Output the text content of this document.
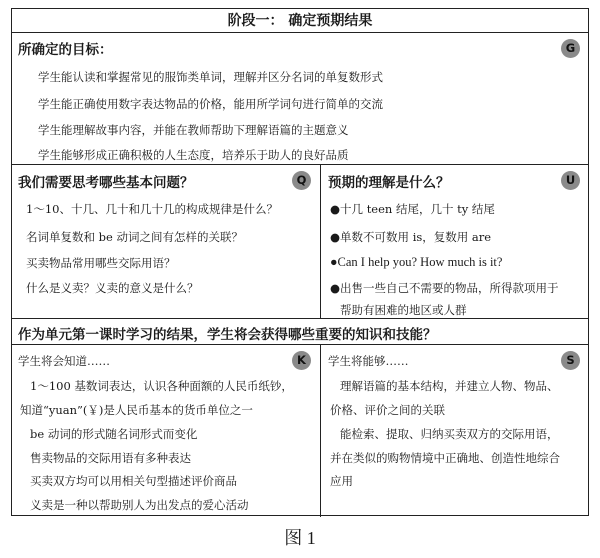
阶段一： 确定预期结果
所确定的目标：	G
学生能认读和掌握常见的服饰类单词，理解并区分名词的单复数形式
学生能正确使用数字表达物品的价格，能用所学词句进行简单的交流
学生能理解故事内容，并能在教师帮助下理解语篇的主题意义
学生能够形成正确积极的人生态度，培养乐于助人的良好品质
我们需要思考哪些基本问题？	Q
1～10、十几、几十和几十几的构成规律是什么？
名词单复数和 be 动词之间有怎样的关联？
买卖物品常用哪些交际用语？
什么是义卖？义卖的意义是什么？
预期的理解是什么？	U
●十几 teen 结尾，几十 ty 结尾
●单数不可数用 is，复数用 are
●Can I help you? How much is it?
●出售一些自己不需要的物品，所得款项用于
帮助有困难的地区或人群
作为单元第一课时学习的结果，学生将会获得哪些重要的知识和技能？
学生将会知道……	K
1～100 基数词表达，认识各种面额的人民币纸钞，
知道“yuan”(￥)是人民币基本的货币单位之一
be 动词的形式随名词形式而变化
售卖物品的交际用语有多种表达
买卖双方均可以用相关句型描述评价商品
义卖是一种以帮助别人为出发点的爱心活动
学生将能够……	S
理解语篇的基本结构，并建立人物、物品、
价格、评价之间的关联
能检索、提取、归纳买卖双方的交际用语，
并在类似的购物情境中正确地、创造性地综合
应用
图 1
